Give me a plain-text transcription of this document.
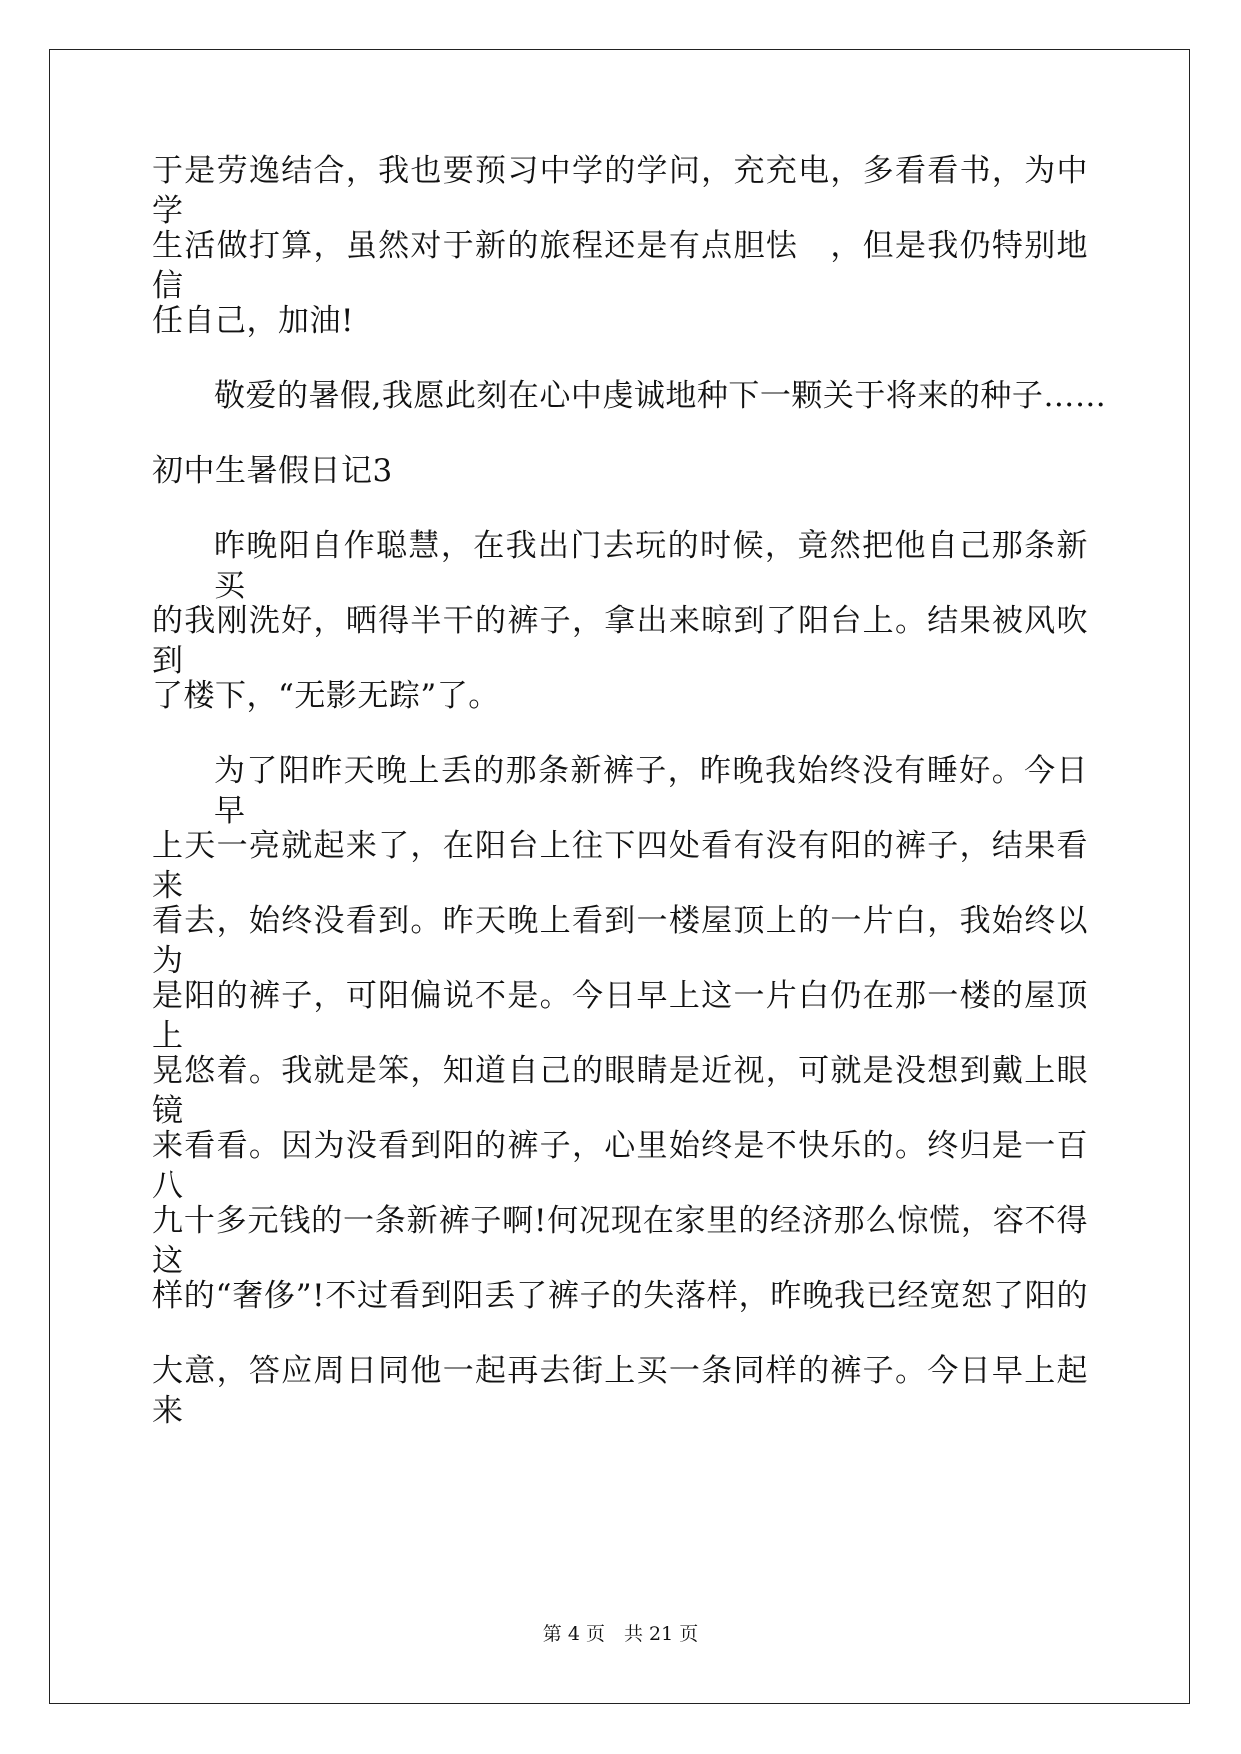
于是劳逸结合，我也要预习中学的学问，充充电，多看看书，为中学
生活做打算，虽然对于新的旅程还是有点胆怯　，但是我仍特别地信
任自己，加油!
敬爱的暑假,我愿此刻在心中虔诚地种下一颗关于将来的种子……
初中生暑假日记3
昨晚阳自作聪慧，在我出门去玩的时候，竟然把他自己那条新买
的我刚洗好，晒得半干的裤子，拿出来晾到了阳台上。结果被风吹到
了楼下，“无影无踪”了。
为了阳昨天晚上丢的那条新裤子，昨晚我始终没有睡好。今日早
上天一亮就起来了，在阳台上往下四处看有没有阳的裤子，结果看来
看去，始终没看到。昨天晚上看到一楼屋顶上的一片白，我始终以为
是阳的裤子，可阳偏说不是。今日早上这一片白仍在那一楼的屋顶上
晃悠着。我就是笨，知道自己的眼睛是近视，可就是没想到戴上眼镜
来看看。因为没看到阳的裤子，心里始终是不快乐的。终归是一百八
九十多元钱的一条新裤子啊!何况现在家里的经济那么惊慌，容不得这
样的“奢侈”!不过看到阳丢了裤子的失落样，昨晚我已经宽恕了阳的
大意，答应周日同他一起再去街上买一条同样的裤子。今日早上起来
第 4 页　共 21 页
